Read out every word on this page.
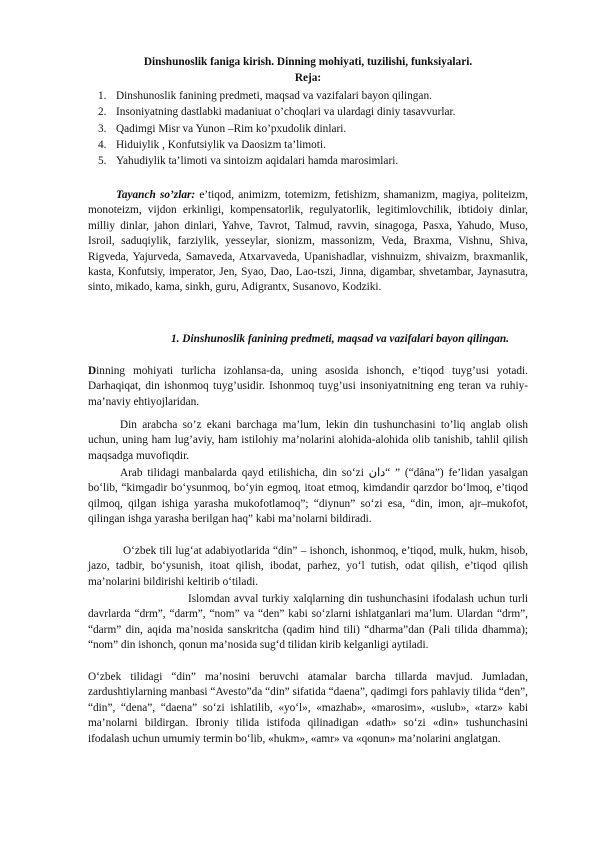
Dinshunoslik faniga kirish. Dinning mohiyati, tuzilishi, funksiyalari.
Reja:
1. Dinshunoslik fanining predmeti, maqsad va vazifalari bayon qilingan.
2. Insoniyatning dastlabki madaniuat o’choqlari va ulardagi diniy tasavvurlar.
3. Qadimgi Misr va Yunon –Rim ko’pxudolik dinlari.
4. Hiduiylik , Konfutsiylik va Daosizm ta’limoti.
5. Yahudiylik ta’limoti va sintoizm aqidalari hamda marosimlari.
Tayanch so’zlar: e’tiqod, animizm, totemizm, fetishizm, shamanizm, magiya, politeizm, monoteizm, vijdon erkinligi, kompensatorlik, regulyatorlik, legitimlovchilik, ibtidoiy dinlar, milliy dinlar, jahon dinlari, Yahve, Tavrot, Talmud, ravvin, sinagoga, Pasxa, Yahudo, Muso, Isroil, saduqiylik, farziylik, yesseylar, sionizm, massonizm, Veda, Braxma, Vishnu, Shiva, Rigveda, Yajurveda, Samaveda, Atxarvaveda, Upanishadlar, vishnuizm, shivaizm, braxmanlik, kasta, Konfutsiy, imperator, Jen, Syao, Dao, Lao-tszi, Jinna, digambar, shvetambar, Jaynasutra, sinto, mikado, kama, sinkh, guru, Adigrantx, Susanovo, Kodziki.
1. Dinshunoslik fanining predmeti, maqsad va vazifalari bayon qilingan.
Dinning mohiyati turlicha izohlansa-da, uning asosida ishonch, e’tiqod tuyg’usi yotadi. Darhaqiqat, din ishonmoq tuyg’usidir. Ishonmoq tuyg’usi insoniyatnitning eng teran va ruhiy- ma’naviy ehtiyojlaridan.
Din arabcha so’z ekani barchaga ma’lum, lekin din tushunchasini to’liq anglab olish uchun, uning ham lug’aviy, ham istilohiy ma’nolarini alohida-alohida olib tanishib, tahlil qilish maqsadga muvofiqdir.
Arab tilidagi manbalarda qayd etilishicha, din so‘zi ‎دان“ ” (“dâna”) fe’lidan yasalgan bo‘lib, “kimgadir bo‘ysunmoq, bo‘yin egmoq, itoat etmoq, kimdandir qarzdor bo‘lmoq, e’tiqod qilmoq, qilgan ishiga yarasha mukofotlamoq”; “diynun” so‘zi esa, “din, imon, ajr–mukofot, qilingan ishga yarasha berilgan haq” kabi ma’nolarni bildiradi.
O‘zbek tili lug‘at adabiyotlarida “din” – ishonch, ishonmoq, e’tiqod, mulk, hukm, hisob, jazo, tadbir, bo‘ysunish, itoat qilish, ibodat, parhez, yo‘l tutish, odat qilish, e’tiqod qilish ma’nolarini bildirishi keltirib o‘tiladi.
Islomdan avval turkiy xalqlarning din tushunchasini ifodalash uchun turli davrlarda “drm”, “darm”, “nom” va “den” kabi so‘zlarni ishlatganlari ma’lum. Ulardan “drm”, “darm” din, aqida ma’nosida sanskritcha (qadim hind tili) “dharma”dan (Pali tilida dhamma); “nom” din ishonch, qonun ma’nosida sug‘d tilidan kirib kelganligi aytiladi.
O‘zbek tilidagi “din” ma’nosini beruvchi atamalar barcha tillarda mavjud. Jumladan, zardushtiylarning manbasi “Avesto”da “din” sifatida “daena”, qadimgi fors pahlaviy tilida “den”, “din”, “dena”, “daena” so‘zi ishlatilib, «yo‘l», «mazhab», «marosim», «uslub», «tarz» kabi ma’nolarni bildirgan. Ibroniy tilida istifoda qilinadigan «dath» so‘zi «din» tushunchasini ifodalash uchun umumiy termin bo‘lib, «hukm», «amr» va «qonun» ma’nolarini anglatgan.
